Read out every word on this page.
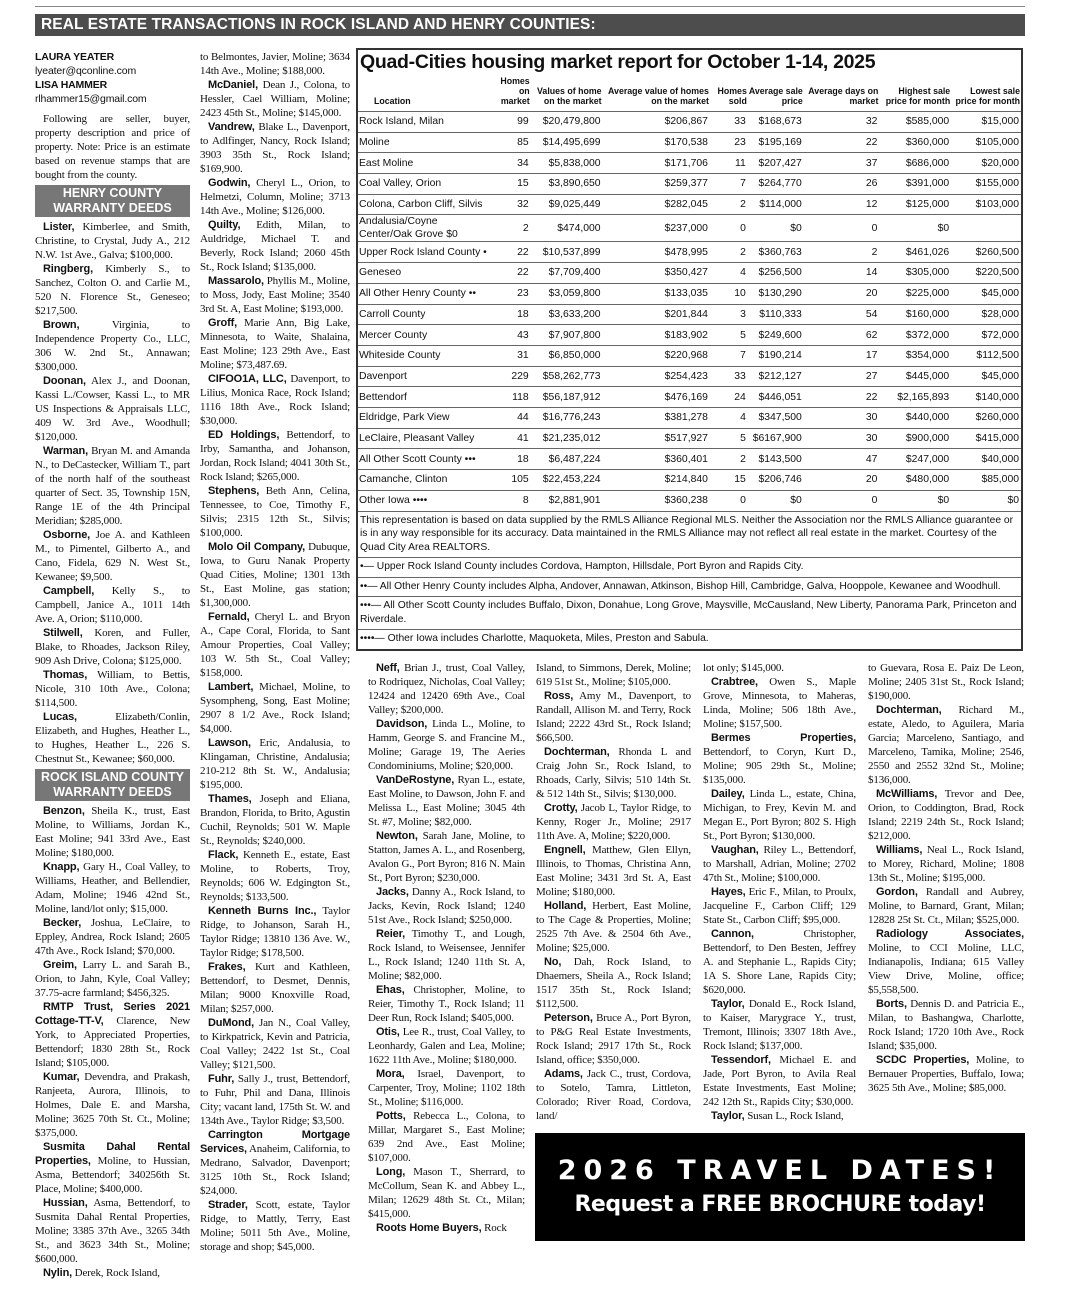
REAL ESTATE TRANSACTIONS IN ROCK ISLAND AND HENRY COUNTIES:
LAURA YEATER
lyeater@qconline.com
LISA HAMMER
rlhammer15@gmail.com

Following are seller, buyer, property description and price of property. Note: Price is an estimate based on revenue stamps that are bought from the county.

HENRY COUNTY WARRANTY DEEDS

Lister, Kimberlee, and Smith, Christine, to Crystal, Judy A., 212 N.W. 1st Ave., Galva; $100,000.

Ringberg, Kimberly S., to Sanchez, Colton O. and Carlie M., 520 N. Florence St., Geneseo; $217,500.

Brown,	Virginia, to Independence Property Co., LLC, 306 W. 2nd St., Annawan; $300,000.

Doonan, Alex J., and Doonan, Kassi L./Cowser, Kassi L., to MR US Inspections & Appraisals LLC, 409 W. 3rd Ave., Woodhull; $120,000.

Warman, Bryan M. and Amanda N., to DeCastecker, William T., part of the north half of the southeast quarter of Sect. 35, Township 15N, Range 1E of the 4th Principal Meridian; $285,000.

Osborne, Joe A. and Kathleen M., to Pimentel, Gilberto A., and Cano, Fidela, 629 N. West St., Kewanee; $9,500.

Campbell, Kelly S., to Campbell, Janice A., 1011 14th Ave. A, Orion; $110,000.

Stilwell, Koren, and Fuller, Blake, to Rhoades, Jackson Riley, 909 Ash Drive, Colona; $125,000.

Thomas, William, to Bettis, Nicole, 310 10th Ave., Colona; $114,500.

Lucas,	Elizabeth/Conlin, Elizabeth, and Hughes, Heather L., to Hughes, Heather L., 226 S. Chestnut St., Kewanee; $60,000.

ROCK ISLAND COUNTY WARRANTY DEEDS

Benzon, Sheila K., trust, East Moline, to Williams, Jordan K., East Moline; 941 33rd Ave., East Moline; $180,000.

Knapp, Gary H., Coal Valley, to Williams, Heather, and Bellendier, Adam, Moline; 1946 42nd St., Moline, land/lot only; $15,000.

Becker, Joshua, LeClaire, to Eppley, Andrea, Rock Island; 2605 47th Ave., Rock Island; $70,000.

Greim, Larry L. and Sarah B., Orion, to Jahn, Kyle, Coal Valley; 37.75-acre farmland; $456,325.

RMTP Trust, Series 2021 Cottage-TT-V, Clarence, New York, to Appreciated Properties, Bettendorf; 1830 28th St., Rock Island; $105,000.

Kumar, Devendra, and Prakash, Ranjeeta, Aurora, Illinois, to Holmes, Dale E. and Marsha, Moline; 3625 70th St. Ct., Moline; $375,000.

Susmita Dahal Rental Properties, Moline, to Hussian, Asma, Bettendorf; 340256th St. Place, Moline; $400,000.

Hussian, Asma, Bettendorf, to Susmita Dahal Rental Properties, Moline; 3385 37th Ave., 3265 34th St., and 3623 34th St., Moline; $600,000.

Nylin, Derek, Rock Island,

to Belmontes, Javier, Moline; 3634 14th Ave., Moline; $188,000.

McDaniel, Dean J., Colona, to Hessler, Cael William, Moline; 2423 45th St., Moline; $145,000.

Vandrew, Blake L., Davenport, to Adlfinger, Nancy, Rock Island; 3903 35th St., Rock Island; $169,900.

Godwin, Cheryl L., Orion, to Helmetzi, Column, Moline; 3713 14th Ave., Moline; $126,000.

Quilty, Edith, Milan, to Auldridge, Michael T. and Beverly, Rock Island; 2060 45th St., Rock Island; $135,000.

Massarolo, Phyllis M., Moline, to Moss, Jody, East Moline; 3540 3rd St. A, East Moline; $193,000.

Groff, Marie Ann, Big Lake, Minnesota, to Waite, Shalaina, East Moline; 123 29th Ave., East Moline; $73,487.69.

CIFOO1A, LLC, Davenport, to Lilius, Monica Race, Rock Island; 1116 18th Ave., Rock Island; $30,000.

ED Holdings, Bettendorf, to Irby, Samantha, and Johanson, Jordan, Rock Island; 4041 30th St., Rock Island; $265,000.

Stephens, Beth Ann, Celina, Tennessee, to Coe, Timothy F., Silvis; 2315 12th St., Silvis; $100,000.

Molo Oil Company, Dubuque, Iowa, to Guru Nanak Property Quad Cities, Moline; 1301 13th St., East Moline, gas station; $1,300,000.

Fernald, Cheryl L. and Bryon A., Cape Coral, Florida, to Sant Amour Properties, Coal Valley; 103 W. 5th St., Coal Valley; $158,000.

Lambert, Michael, Moline, to Sysompheng, Song, East Moline; 2907 8 1/2 Ave., Rock Island; $4,000.

Lawson, Eric, Andalusia, to Klingaman, Christine, Andalusia; 210-212 8th St. W., Andalusia; $195,000.

Thames, Joseph and Eliana, Brandon, Florida, to Brito, Agustin Cuchil, Reynolds; 501 W. Maple St., Reynolds; $240,000.

Flack, Kenneth E., estate, East Moline, to Roberts, Troy, Reynolds; 606 W. Edgington St., Reynolds; $133,500.

Kenneth Burns Inc., Taylor Ridge, to Johanson, Sarah H., Taylor Ridge; 13810 136 Ave. W., Taylor Ridge; $178,500.

Frakes, Kurt and Kathleen, Bettendorf, to Desmet, Dennis, Milan; 9000 Knoxville Road, Milan; $257,000.

DuMond, Jan N., Coal Valley, to Kirkpatrick, Kevin and Patricia, Coal Valley; 2422 1st St., Coal Valley; $121,500.

Fuhr, Sally J., trust, Bettendorf, to Fuhr, Phil and Dana, Illinois City; vacant land, 175th St. W. and 134th Ave., Taylor Ridge; $3,500.

Carrington Mortgage Services, Anaheim, California, to Medrano, Salvador, Davenport; 3125 10th St., Rock Island; $24,000.

Strader, Scott, estate, Taylor Ridge, to Mattly, Terry, East Moline; 5011 5th Ave., Moline, storage and shop; $45,000.

Quad-Cities housing market report for October 1-14, 2025
Location	Homes on market	Values of home on the market	Average value of homes on the market	Homes sold	Average sale price	Average days on market	Highest sale price for month	Lowest sale price for month
Rock Island, Milan	99	$20,479,800	$206,867	33	$168,673	32	$585,000	$15,000
Moline	85	$14,495,699	$170,538	23	$195,169	22	$360,000	$105,000
East Moline	34	$5,838,000	$171,706	11	$207,427	37	$686,000	$20,000
Coal Valley, Orion	15	$3,890,650	$259,377	7	$264,770	26	$391,000	$155,000
Colona, Carbon Cliff, Silvis	32	$9,025,449	$282,045	2	$114,000	12	$125,000	$103,000
Andalusia/Coyne Center/Oak Grove $0	2	$474,000	$237,000	0	$0	0	$0	
Upper Rock Island County •	22	$10,537,899	$478,995	2	$360,763	2	$461,026	$260,500
Geneseo	22	$7,709,400	$350,427	4	$256,500	14	$305,000	$220,500
All Other Henry County ••	23	$3,059,800	$133,035	10	$130,290	20	$225,000	$45,000
Carroll County	18	$3,633,200	$201,844	3	$110,333	54	$160,000	$28,000
Mercer County	43	$7,907,800	$183,902	5	$249,600	62	$372,000	$72,000
Whiteside County	31	$6,850,000	$220,968	7	$190,214	17	$354,000	$112,500
Davenport	229	$58,262,773	$254,423	33	$212,127	27	$445,000	$45,000
Bettendorf	118	$56,187,912	$476,169	24	$446,051	22	$2,165,893	$140,000
Eldridge, Park View	44	$16,776,243	$381,278	4	$347,500	30	$440,000	$260,000
LeClaire, Pleasant Valley	41	$21,235,012	$517,927	5	$6167,900	30	$900,000	$415,000
All Other Scott County •••	18	$6,487,224	$360,401	2	$143,500	47	$247,000	$40,000
Camanche, Clinton	105	$22,453,224	$214,840	15	$206,746	20	$480,000	$85,000
Other Iowa ••••	8	$2,881,901	$360,238	0	$0	0	$0	$0
This representation is based on data supplied by the RMLS Alliance Regional MLS. Neither the Association nor the RMLS Alliance guarantee or is in any way responsible for its accuracy. Data maintained in the RMLS Alliance may not reflect all real estate in the market. Courtesy of the Quad City Area REALTORS.
•— Upper Rock Island County includes Cordova, Hampton, Hillsdale, Port Byron and Rapids City.
••— All Other Henry County includes Alpha, Andover, Annawan, Atkinson, Bishop Hill, Cambridge, Galva, Hooppole, Kewanee and Woodhull.
•••— All Other Scott County includes Buffalo, Dixon, Donahue, Long Grove, Maysville, McCausland, New Liberty, Panorama Park, Princeton and Riverdale.
••••— Other Iowa includes Charlotte, Maquoketa, Miles, Preston and Sabula.

Neff, Brian J., trust, Coal Valley, to Rodriquez, Nicholas, Coal Valley; 12424 and 12420 69th Ave., Coal Valley; $200,000.

Davidson, Linda L., Moline, to Hamm, George S. and Francine M., Moline; Garage 19, The Aeries Condominiums, Moline; $20,000.

VanDeRostyne, Ryan L., estate, East Moline, to Dawson, John F. and Melissa L., East Moline; 3045 4th St. #7, Moline; $82,000.

Newton, Sarah Jane, Moline, to Statton, James A. L., and Rosenberg, Avalon G., Port Byron; 816 N. Main St., Port Byron; $230,000.

Jacks, Danny A., Rock Island, to Jacks, Kevin, Rock Island; 1240 51st Ave., Rock Island; $250,000.

Reier, Timothy T., and Lough, Rock Island, to Weisensee, Jennifer L., Rock Island; 1240 11th St. A, Moline; $82,000.

Ehas, Christopher, Moline, to Reier, Timothy T., Rock Island; 11 Deer Run, Rock Island; $405,000.

Otis, Lee R., trust, Coal Valley, to Leonhardy, Galen and Lea, Moline; 1622 11th Ave., Moline; $180,000.

Mora, Israel, Davenport, to Carpenter, Troy, Moline; 1102 18th St., Moline; $116,000.

Potts, Rebecca L., Colona, to Millar, Margaret S., East Moline; 639 2nd Ave., East Moline; $107,000.

Long, Mason T., Sherrard, to McCollum, Sean K. and Abbey L., Milan; 12629 48th St. Ct., Milan; $415,000.

Roots Home Buyers, Rock

Island, to Simmons, Derek, Moline; 619 51st St., Moline; $105,000.

Ross, Amy M., Davenport, to Randall, Allison M. and Terry, Rock Island; 2222 43rd St., Rock Island; $66,500.

Dochterman, Rhonda L and Craig John Sr., Rock Island, to Rhoads, Carly, Silvis; 510 14th St. & 512 14th St., Silvis; $130,000.

Crotty, Jacob L, Taylor Ridge, to Kenny, Roger Jr., Moline; 2917 11th Ave. A, Moline; $220,000.

Engnell, Matthew, Glen Ellyn, Illinois, to Thomas, Christina Ann, East Moline; 3431 3rd St. A, East Moline; $180,000.

Holland, Herbert, East Moline, to The Cage & Properties, Moline; 2525 7th Ave. & 2504 6th Ave., Moline; $25,000.

No, Dah, Rock Island, to Dhaemers, Sheila A., Rock Island; 1517 35th St., Rock Island; $112,500.

Peterson, Bruce A., Port Byron, to P&G Real Estate Investments, Rock Island; 2917 17th St., Rock Island, office; $350,000.

Adams, Jack C., trust, Cordova, to Sotelo, Tamra, Littleton, Colorado; River Road, Cordova, land/

lot only; $145,000.

Crabtree, Owen S., Maple Grove, Minnesota, to Maheras, Linda, Moline; 506 18th Ave., Moline; $157,500.

Bermes Properties, Bettendorf, to Coryn, Kurt D., Moline; 905 29th St., Moline; $135,000.

Dailey, Linda L., estate, China, Michigan, to Frey, Kevin M. and Megan E., Port Byron; 802 S. High St., Port Byron; $130,000.

Vaughan, Riley L., Bettendorf, to Marshall, Adrian, Moline; 2702 47th St., Moline; $100,000.

Hayes, Eric F., Milan, to Proulx, Jacqueline F., Carbon Cliff; 129 State St., Carbon Cliff; $95,000.

Cannon,	Christopher, Bettendorf, to Den Besten, Jeffrey A. and Stephanie L., Rapids City; 1A S. Shore Lane, Rapids City; $620,000.

Taylor, Donald E., Rock Island, to Kaiser, Marygrace Y., trust, Tremont, Illinois; 3307 18th Ave., Rock Island; $137,000.

Tessendorf, Michael E. and Jade, Port Byron, to Avila Real Estate Investments, East Moline; 242 12th St., Rapids City; $30,000.

Taylor, Susan L., Rock Island,

to Guevara, Rosa E. Paiz De Leon, Moline; 2405 31st St., Rock Island; $190,000.

Dochterman, Richard M., estate, Aledo, to Aguilera, Maria Garcia; Marceleno, Santiago, and Marceleno, Tamika, Moline; 2546, 2550 and 2552 32nd St., Moline; $136,000.

McWilliams, Trevor and Dee, Orion, to Coddington, Brad, Rock Island; 2219 24th St., Rock Island; $212,000.

Williams, Neal L., Rock Island, to Morey, Richard, Moline; 1808 13th St., Moline; $195,000.

Gordon, Randall and Aubrey, Moline, to Barnard, Grant, Milan; 12828 25t St. Ct., Milan; $525,000.

Radiology Associates, Moline, to CCI Moline, LLC, Indianapolis, Indiana; 615 Valley View Drive, Moline, office; $5,558,500.

Borts, Dennis D. and Patricia E., Milan, to Bashangwa, Charlotte, Rock Island; 1720 10th Ave., Rock Island; $35,000.

SCDC Properties, Moline, to Bernauer Properties, Buffalo, Iowa; 3625 5th Ave., Moline; $85,000.

2026 TRAVEL DATES!
Request a FREE BROCHURE today!
